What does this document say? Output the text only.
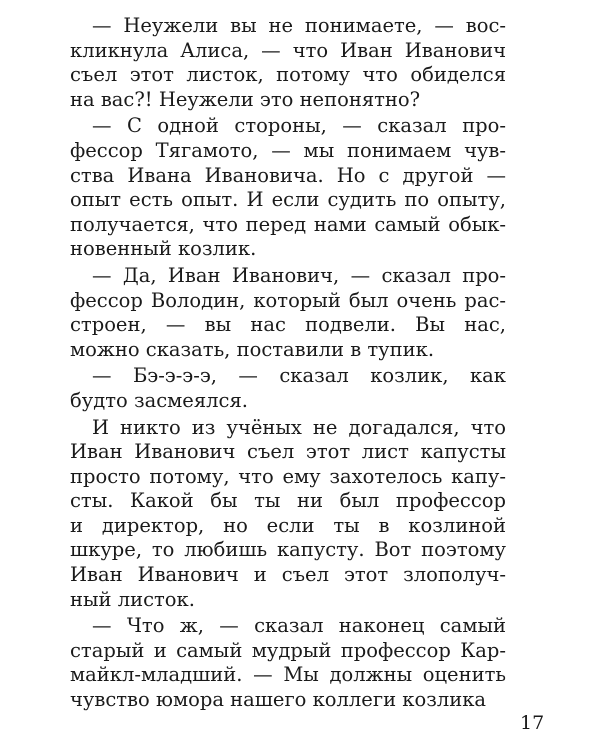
— Неужели вы не понимаете, — вос-
кликнула Алиса, — что Иван Иванович
съел этот листок, потому что обиделся
на вас?! Неужели это непонятно?
— С одной стороны, — сказал про-
фессор Тягамото, — мы понимаем чув-
ства Ивана Ивановича. Но с другой —
опыт есть опыт. И если судить по опыту,
получается, что перед нами самый обык-
новенный козлик.
— Да, Иван Иванович, — сказал про-
фессор Володин, который был очень рас-
строен, — вы нас подвели. Вы нас,
можно сказать, поставили в тупик.
— Бэ-э-э-э, — сказал козлик, как
будто засмеялся.
И никто из учёных не догадался, что
Иван Иванович съел этот лист капусты
просто потому, что ему захотелось капу-
сты. Какой бы ты ни был профессор
и директор, но если ты в козлиной
шкуре, то любишь капусту. Вот поэтому
Иван Иванович и съел этот злополуч-
ный листок.
— Что ж, — сказал наконец самый
старый и самый мудрый профессор Кар-
майкл-младший. — Мы должны оценить
чувство юмора нашего коллеги козлика
17
